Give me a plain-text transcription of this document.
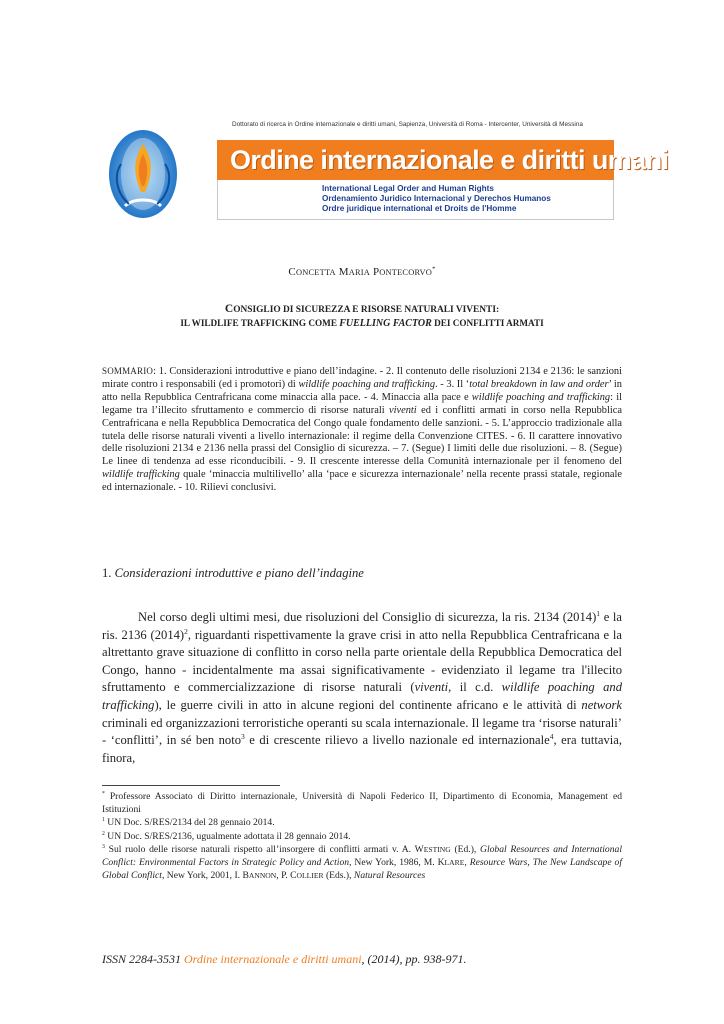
Dottorato di ricerca in Ordine internazionale e diritti umani, Sapienza, Università di Roma - Intercenter, Università di Messina
Ordine internazionale e diritti umani
International Legal Order and Human Rights
Ordenamiento Juridico Internacional y Derechos Humanos
Ordre juridique international et Droits de l'Homme
CONCETTA MARIA PONTECORVO*
CONSIGLIO DI SICUREZZA E RISORSE NATURALI VIVENTI:
IL WILDLIFE TRAFFICKING COME FUELLING FACTOR DEI CONFLITTI ARMATI
SOMMARIO: 1. Considerazioni introduttive e piano dell’indagine. - 2. Il contenuto delle risoluzioni 2134 e 2136: le sanzioni mirate contro i responsabili (ed i promotori) di wildlife poaching and trafficking. - 3. Il ‘total breakdown in law and order’ in atto nella Repubblica Centrafricana come minaccia alla pace. - 4. Minaccia alla pace e wildlife poaching and trafficking: il legame tra l’illecito sfruttamento e commercio di risorse naturali viventi ed i conflitti armati in corso nella Repubblica Centrafricana e nella Repubblica Democratica del Congo quale fondamento delle sanzioni. - 5. L’approccio tradizionale alla tutela delle risorse naturali viventi a livello internazionale: il regime della Convenzione CITES. - 6. Il carattere innovativo delle risoluzioni 2134 e 2136 nella prassi del Consiglio di sicurezza. – 7. (Segue) I limiti delle due risoluzioni. – 8. (Segue) Le linee di tendenza ad esse riconducibili. - 9. Il crescente interesse della Comunità internazionale per il fenomeno del wildlife trafficking quale ‘minaccia multilivello’ alla ‘pace e sicurezza internazionale’ nella recente prassi statale, regionale ed internazionale. - 10. Rilievi conclusivi.
1. Considerazioni introduttive e piano dell’indagine
Nel corso degli ultimi mesi, due risoluzioni del Consiglio di sicurezza, la ris. 2134 $(2014)^1$ e la ris. 2136 $(2014)^2$, riguardanti rispettivamente la grave crisi in atto nella Repubblica Centrafricana e la altrettanto grave situazione di conflitto in corso nella parte orientale della Repubblica Democratica del Congo, hanno - incidentalmente ma assai significativamente - evidenziato il legame tra l'illecito sfruttamento e commercializzazione di risorse naturali (viventi, il c.d. wildlife poaching and trafficking), le guerre civili in atto in alcune regioni del continente africano e le attività di network criminali ed organizzazioni terroristiche operanti su scala internazionale. Il legame tra ‘risorse naturali’ - ‘conflitti’, in sé ben noto$^3$ e di crescente rilievo a livello nazionale ed internazionale$^4$, era tuttavia, finora,

* Professore Associato di Diritto internazionale, Università di Napoli Federico II, Dipartimento di Economia, Management ed Istituzioni

$^1$ UN Doc. S/RES/2134 del 28 gennaio 2014.

$^2$ UN Doc. S/RES/2136, ugualmente adottata il 28 gennaio 2014.

$^3$ Sul ruolo delle risorse naturali rispetto all’insorgere di conflitti armati v. A. WESTING (Ed.), Global Resources and International Conflict: Environmental Factors in Strategic Policy and Action, New York, 1986, M. KLARE, Resource Wars, The New Landscape of Global Conflict, New York, 2001, I. BANNON, P. COLLIER (Eds.), Natural Resources

ISSN 2284-3531 Ordine internazionale e diritti umani, (2014), pp. 938-971.
